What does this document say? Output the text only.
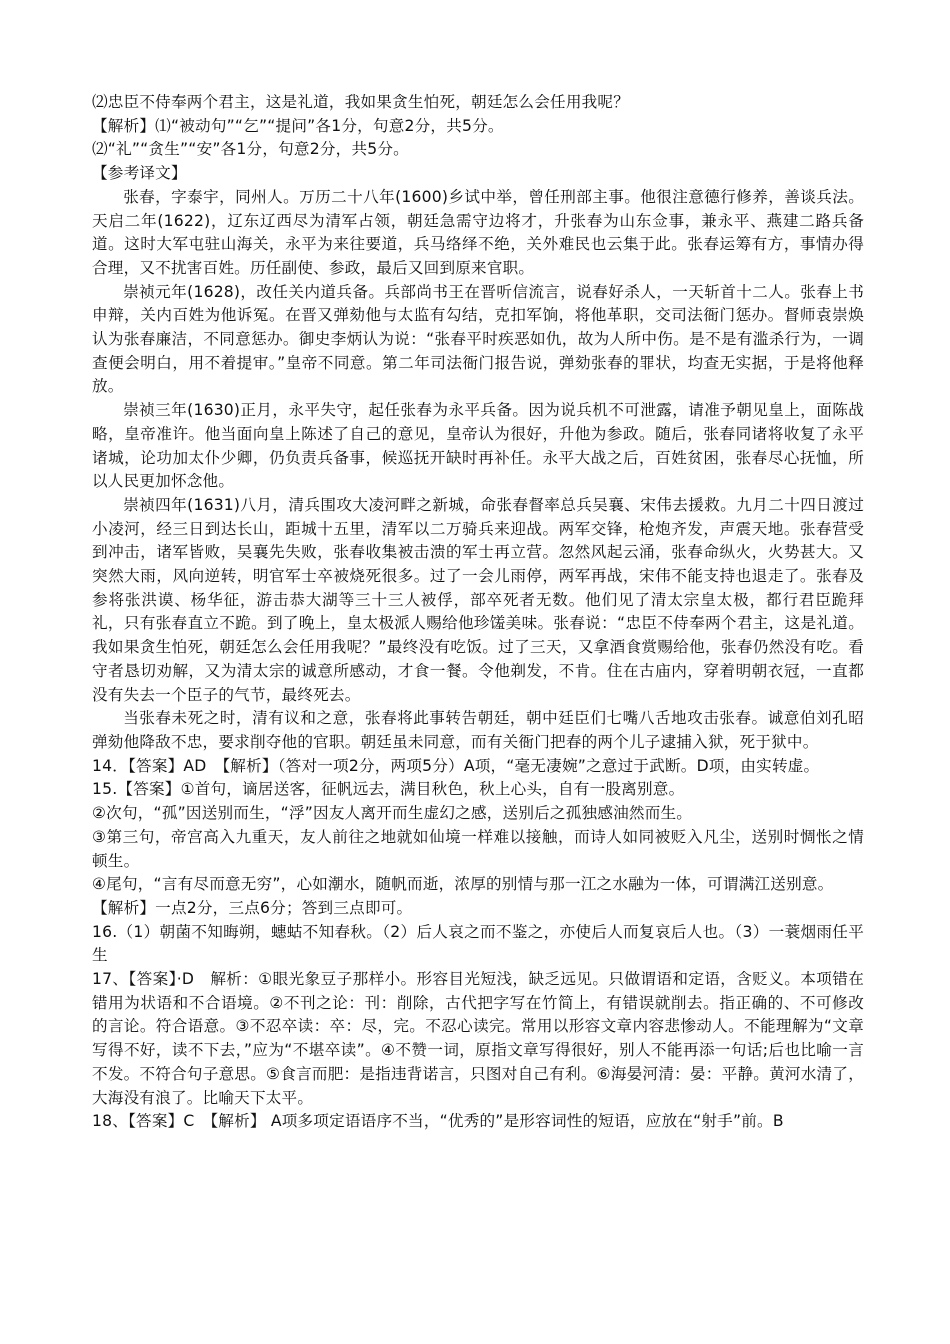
⑵忠臣不侍奉两个君主，这是礼道，我如果贪生怕死，朝廷怎么会任用我呢？

【解析】⑴“被动句”“乞”“提问”各1分，句意2分，共5分。

⑵“礼”“贪生”“安”各1分，句意2分，共5分。

【参考译文】

张春，字泰宇，同州人。万历二十八年(1600)乡试中举，曾任刑部主事。他很注意德行修养，善谈兵法。天启二年(1622)，辽东辽西尽为清军占领，朝廷急需守边将才，升张春为山东佥事，兼永平、燕建二路兵备道。这时大军屯驻山海关，永平为来往要道，兵马络绎不绝，关外难民也云集于此。张春运筹有方，事情办得合理，又不扰害百姓。历任副使、参政，最后又回到原来官职。

崇祯元年(1628)，改任关内道兵备。兵部尚书王在晋听信流言，说春好杀人，一天斩首十二人。张春上书申辩，关内百姓为他诉冤。在晋又弹劾他与太监有勾结，克扣军饷，将他革职，交司法衙门惩办。督师袁崇焕认为张春廉洁，不同意惩办。御史李炳认为说：“张春平时疾恶如仇，故为人所中伤。是不是有滥杀行为，一调查便会明白，用不着提审。”皇帝不同意。第二年司法衙门报告说，弹劾张春的罪状，均查无实据，于是将他释放。

崇祯三年(1630)正月，永平失守，起任张春为永平兵备。因为说兵机不可泄露，请准予朝见皇上，面陈战略，皇帝准许。他当面向皇上陈述了自己的意见，皇帝认为很好，升他为参政。随后，张春同诸将收复了永平诸城，论功加太仆少卿，仍负责兵备事，候巡抚开缺时再补任。永平大战之后，百姓贫困，张春尽心抚恤，所以人民更加怀念他。

崇祯四年(1631)八月，清兵围攻大凌河畔之新城，命张春督率总兵吴襄、宋伟去援救。九月二十四日渡过小凌河，经三日到达长山，距城十五里，清军以二万骑兵来迎战。两军交锋，枪炮齐发，声震天地。张春营受到冲击，诸军皆败，吴襄先失败，张春收集被击溃的军士再立营。忽然风起云涌，张春命纵火，火势甚大。又突然大雨，风向逆转，明官军士卒被烧死很多。过了一会儿雨停，两军再战，宋伟不能支持也退走了。张春及参将张洪谟、杨华征，游击恭大湖等三十三人被俘，部卒死者无数。他们见了清太宗皇太极，都行君臣跪拜礼，只有张春直立不跪。到了晚上，皇太极派人赐给他珍馐美味。张春说：“忠臣不侍奉两个君主，这是礼道。我如果贪生怕死，朝廷怎么会任用我呢？”最终没有吃饭。过了三天，又拿酒食赏赐给他，张春仍然没有吃。看守者恳切劝解，又为清太宗的诚意所感动，才食一餐。令他剃发，不肯。住在古庙内，穿着明朝衣冠，一直都没有失去一个臣子的气节，最终死去。

当张春未死之时，清有议和之意，张春将此事转告朝廷，朝中廷臣们七嘴八舌地攻击张春。诚意伯刘孔昭弹劾他降敌不忠，要求削夺他的官职。朝廷虽未同意，而有关衙门把春的两个儿子逮捕入狱，死于狱中。

14．【答案】AD　【解析】（答对一项2分，两项5分）A项，“毫无凄婉”之意过于武断。D项，由实转虚。

15.【答案】①首句，谪居送客，征帆远去，满目秋色，秋上心头，自有一股离别意。

②次句，“孤”因送别而生，“浮”因友人离开而生虚幻之感，送别后之孤独感油然而生。

③第三句，帝宫高入九重天，友人前往之地就如仙境一样难以接触，而诗人如同被贬入凡尘，送别时惆怅之情顿生。

④尾句，“言有尽而意无穷”，心如潮水，随帆而逝，浓厚的别情与那一江之水融为一体，可谓满江送别意。

【解析】一点2分，三点6分；答到三点即可。

16.（1）朝菌不知晦朔，蟪蛄不知春秋。（2）后人哀之而不鉴之，亦使后人而复哀后人也。（3）一蓑烟雨任平生

17、【答案】·D　解析：①眼光象豆子那样小。形容目光短浅，缺乏远见。只做谓语和定语，含贬义。本项错在错用为状语和不合语境。②不刊之论：刊：削除，古代把字写在竹简上，有错误就削去。指正确的、不可修改的言论。符合语意。③不忍卒读：卒：尽，完。不忍心读完。常用以形容文章内容悲惨动人。不能理解为“文章写得不好，读不下去，”应为“不堪卒读”。④不赞一词，原指文章写得很好，别人不能再添一句话;后也比喻一言不发。不符合句子意思。⑤食言而肥：是指违背诺言，只图对自己有利。⑥海晏河清：晏：平静。黄河水清了，大海没有浪了。比喻天下太平。

18、【答案】C　【解析】 A项多项定语语序不当，“优秀的”是形容词性的短语，应放在“射手”前。B
